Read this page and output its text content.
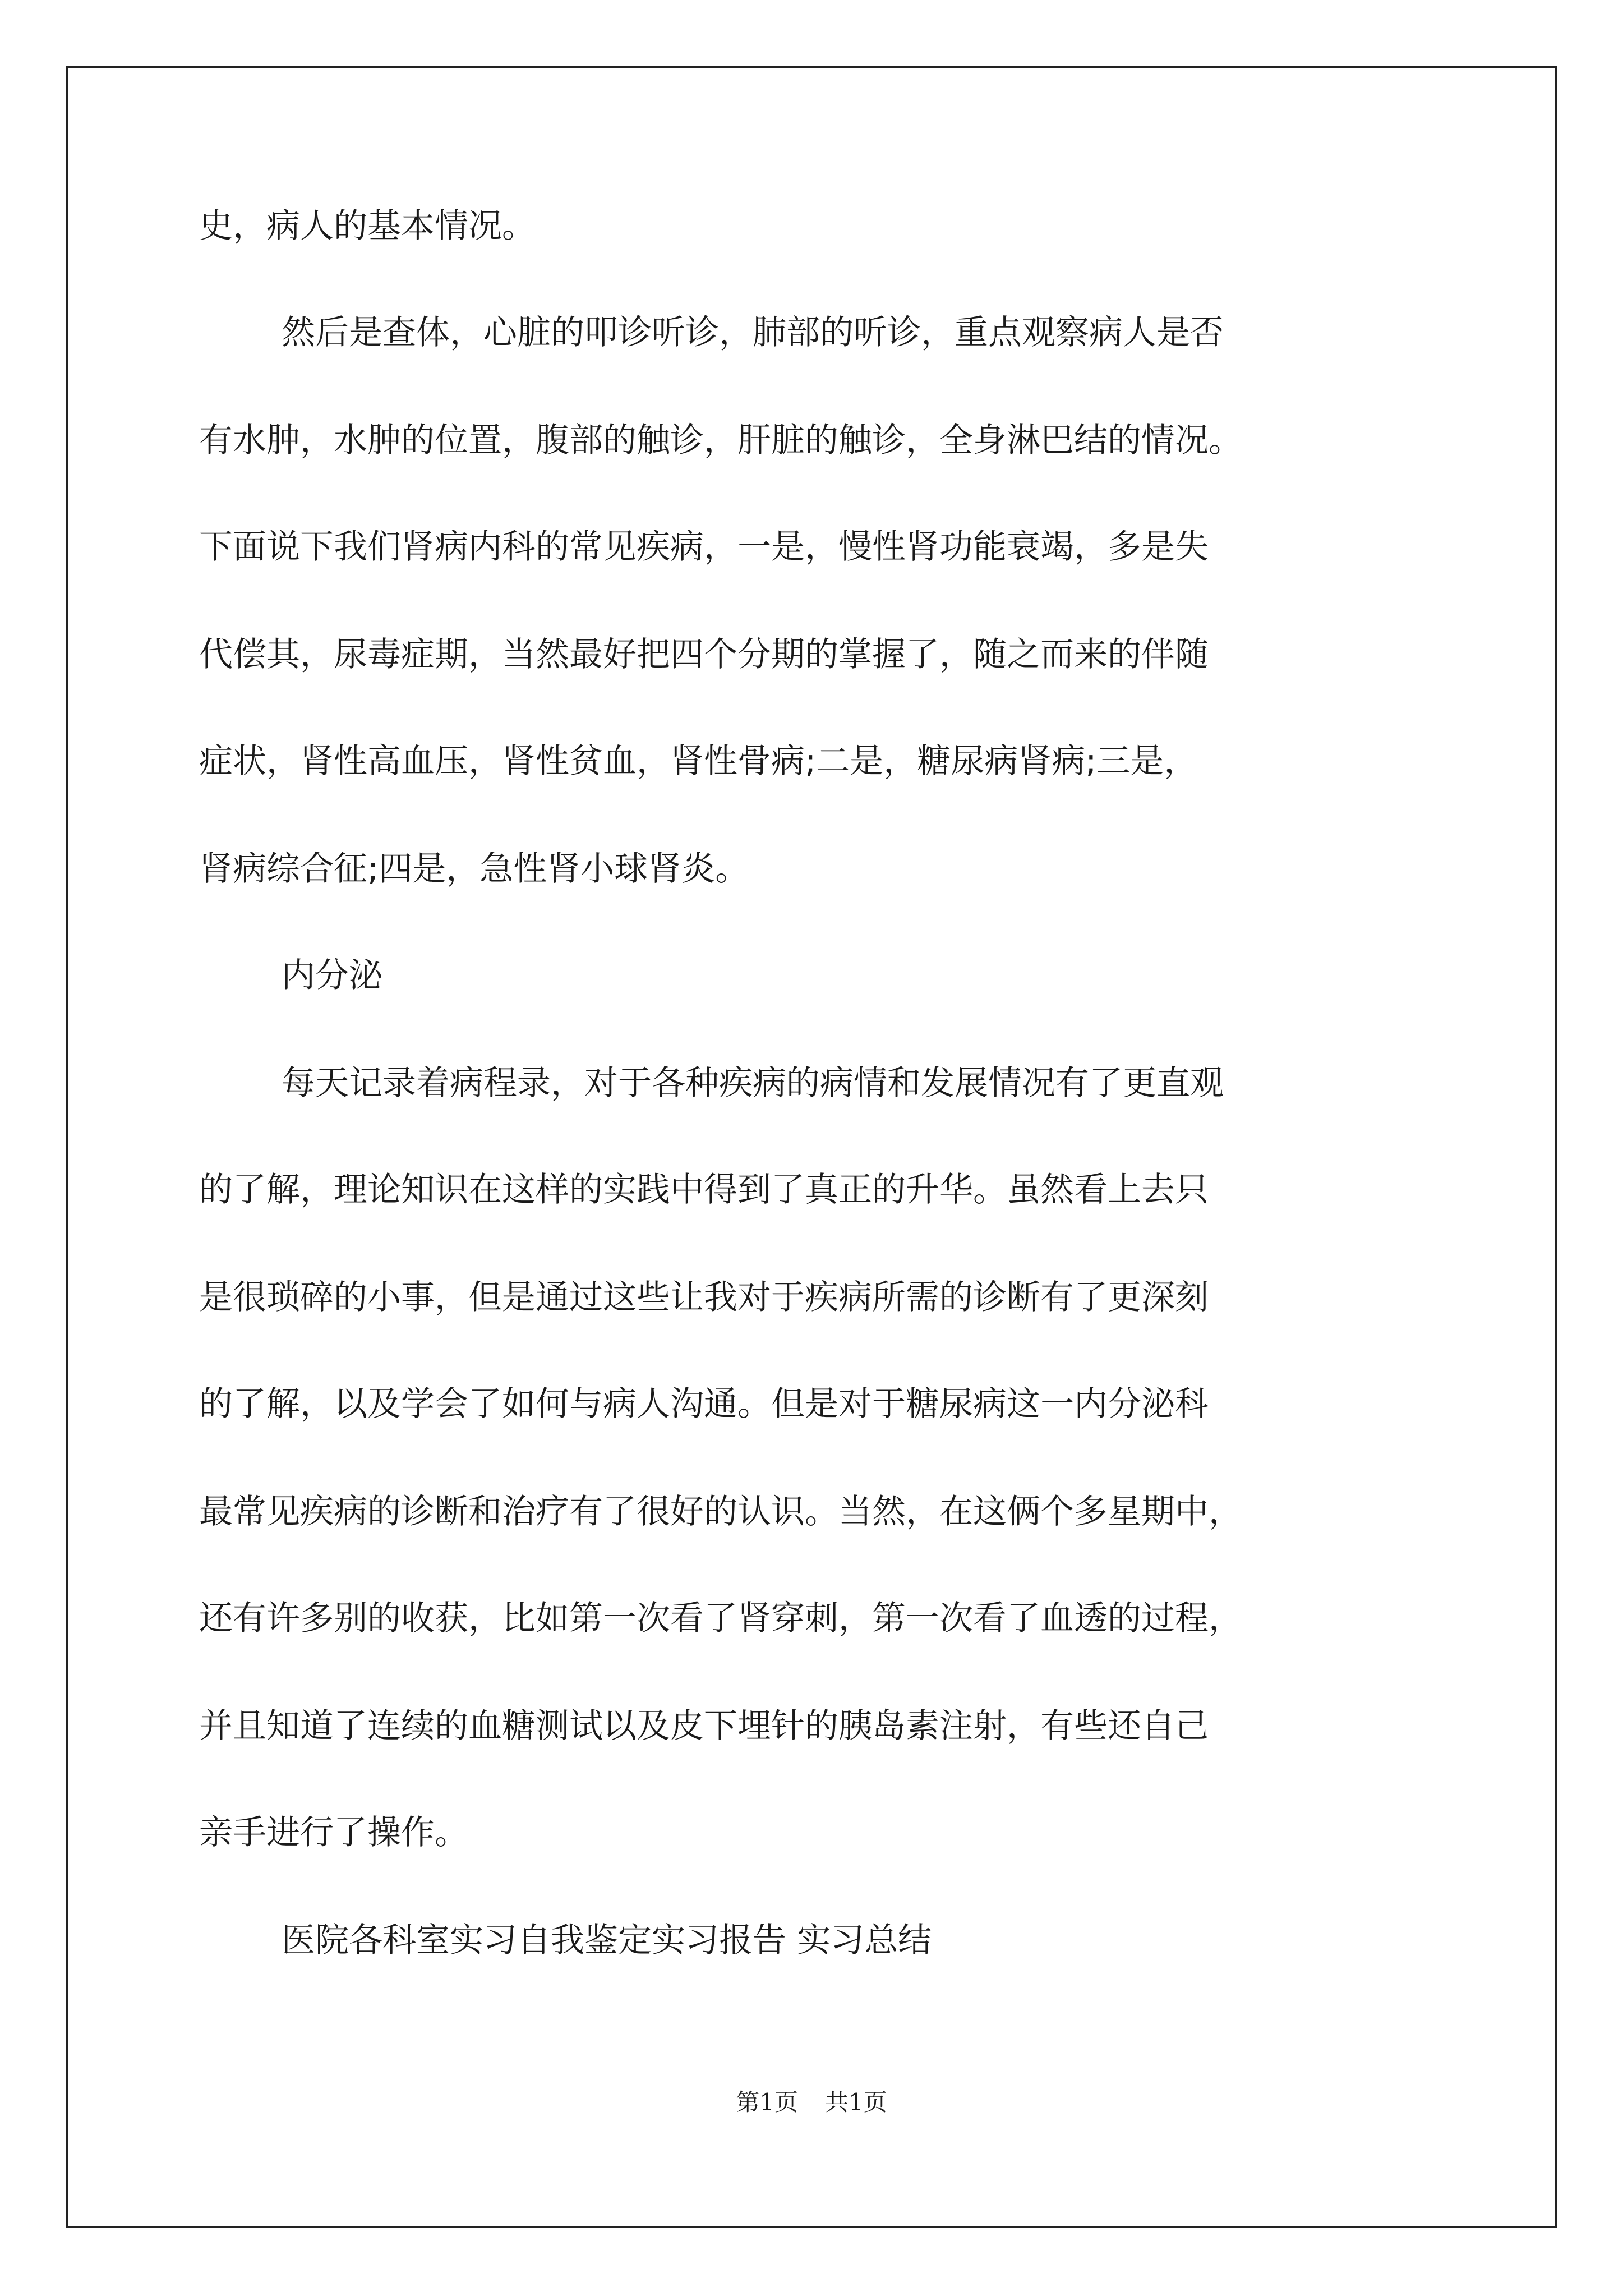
史，病人的基本情况。
然后是查体，心脏的叩诊听诊，肺部的听诊，重点观察病人是否
有水肿，水肿的位置，腹部的触诊，肝脏的触诊，全身淋巴结的情况。
下面说下我们肾病内科的常见疾病，一是，慢性肾功能衰竭，多是失
代偿其，尿毒症期，当然最好把四个分期的掌握了，随之而来的伴随
症状，肾性高血压，肾性贫血，肾性骨病;二是，糖尿病肾病;三是，
肾病综合征;四是，急性肾小球肾炎。
内分泌
每天记录着病程录，对于各种疾病的病情和发展情况有了更直观
的了解，理论知识在这样的实践中得到了真正的升华。虽然看上去只
是很琐碎的小事，但是通过这些让我对于疾病所需的诊断有了更深刻
的了解，以及学会了如何与病人沟通。但是对于糖尿病这一内分泌科
最常见疾病的诊断和治疗有了很好的认识。当然，在这俩个多星期中，
还有许多别的收获，比如第一次看了肾穿刺，第一次看了血透的过程，
并且知道了连续的血糖测试以及皮下埋针的胰岛素注射，有些还自己
亲手进行了操作。
医院各科室实习自我鉴定实习报告 实习总结
第1页 共1页
